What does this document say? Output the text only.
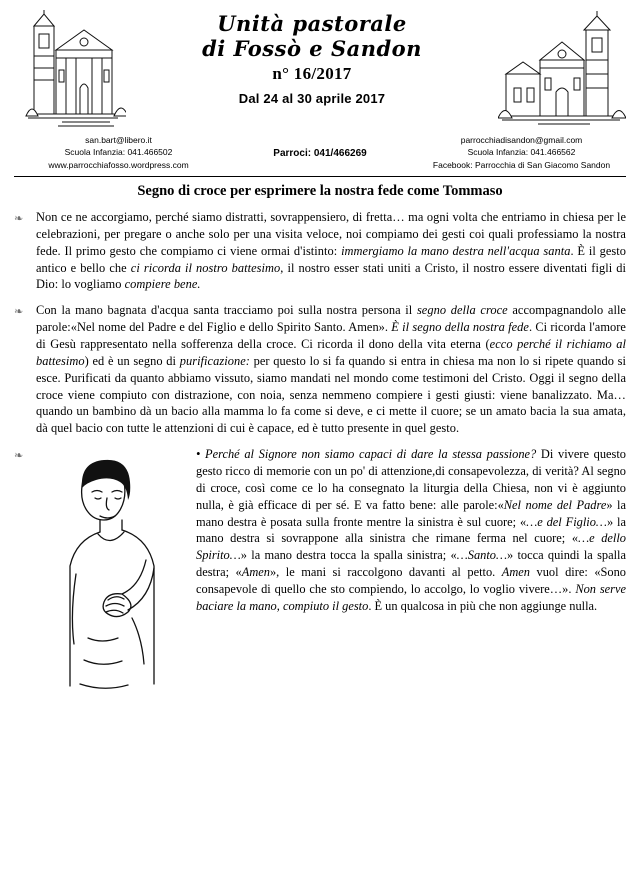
Unità pastorale
di Fossò e Sandon
n° 16/2017
Dal 24 al 30 aprile 2017
san.bart@libero.it
Scuola Infanzia: 041.466502
www.parrocchiafosso.wordpress.com
Parroci: 041/466269
parrocchiadisandon@gmail.com
Scuola Infanzia: 041.466562
Facebook: Parrocchia di San Giacomo Sandon
Segno di croce per esprimere la nostra fede come Tommaso
❧	Non ce ne accorgiamo, perché siamo distratti, sovrappensiero, di fretta… ma ogni volta che entriamo in chiesa per le celebrazioni, per pregare o anche solo per una visita veloce, noi compiamo dei gesti coi quali professiamo la nostra fede. Il primo gesto che compiamo ci viene ormai d'istinto: immergiamo la mano destra nell'acqua santa. È il gesto antico e bello che ci ricorda il nostro battesimo, il nostro esser stati uniti a Cristo, il nostro essere diventati figli di Dio: lo vogliamo compiere bene.
❧	Con la mano bagnata d'acqua santa tracciamo poi sulla nostra persona il segno della croce accompagnandolo alle parole:«Nel nome del Padre e del Figlio e dello Spirito Santo. Amen». È il segno della nostra fede. Ci ricorda l'amore di Gesù rappresentato nella sofferenza della croce. Ci ricorda il dono della vita eterna (ecco perché il richiamo al battesimo) ed è un segno di purificazione: per questo lo si fa quando si entra in chiesa ma non lo si ripete quando si esce. Purificati da quanto abbiamo vissuto, siamo mandati nel mondo come testimoni del Cristo. Oggi il segno della croce viene compiuto con distrazione, con noia, senza nemmeno compiere i gesti giusti: viene banalizzato. Ma… quando un bambino dà un bacio alla mamma lo fa come si deve, e ci mette il cuore; se un amato bacia la sua amata, dà quel bacio con tutte le attenzioni di cui è capace, ed è tutto presente in quel gesto.
❧	• Perché al Signore non siamo capaci di dare la stessa passione? Di vivere questo gesto ricco di memorie con un po' di attenzione,di consapevolezza, di verità? Al segno di croce, così come ce lo ha consegnato la liturgia della Chiesa, non vi è aggiunto nulla, è già efficace di per sé. E va fatto bene: alle parole:«Nel nome del Padre» la mano destra è posata sulla fronte mentre la sinistra è sul cuore; «…e del Figlio…» la mano destra si sovrappone alla sinistra che rimane ferma nel cuore; «…e dello Spirito…» la mano destra tocca la spalla sinistra; «…Santo…» tocca quindi la spalla destra; «Amen», le mani si raccolgono davanti al petto. Amen vuol dire: «Sono consapevole di quello che sto compiendo, lo accolgo, lo voglio vivere…». Non serve baciare la mano, compiuto il gesto. È un qualcosa in più che non aggiunge nulla.
